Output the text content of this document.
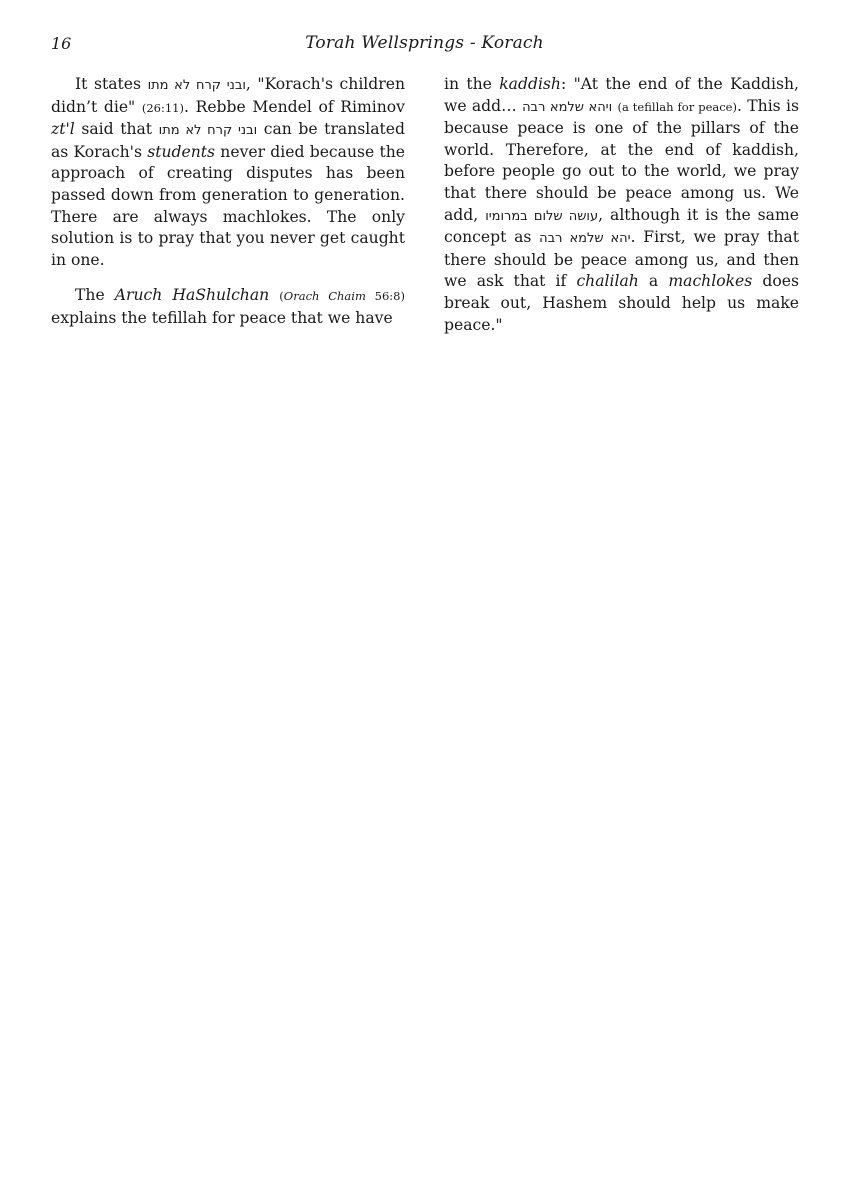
16	Torah Wellsprings - Korach

It states ובני קרח לא מתו, "Korach's children didn’t die" (26:11). Rebbe Mendel of Riminov zt'l said that ובני קרח לא מתו can be translated as Korach's students never died because the approach of creating disputes has been passed down from generation to generation. There are always machlokes. The only solution is to pray that you never get caught in one.

The Aruch HaShulchan (Orach Chaim 56:8) explains the tefillah for peace that we have

in the kaddish: "At the end of the Kaddish, we add… ויהא שלמא רבה (a tefillah for peace). This is because peace is one of the pillars of the world. Therefore, at the end of kaddish, before people go out to the world, we pray that there should be peace among us. We add, עושה שלום במרומיו, although it is the same concept as יהא שלמא רבה. First, we pray that there should be peace among us, and then we ask that if chalilah a machlokes does break out, Hashem should help us make peace."
